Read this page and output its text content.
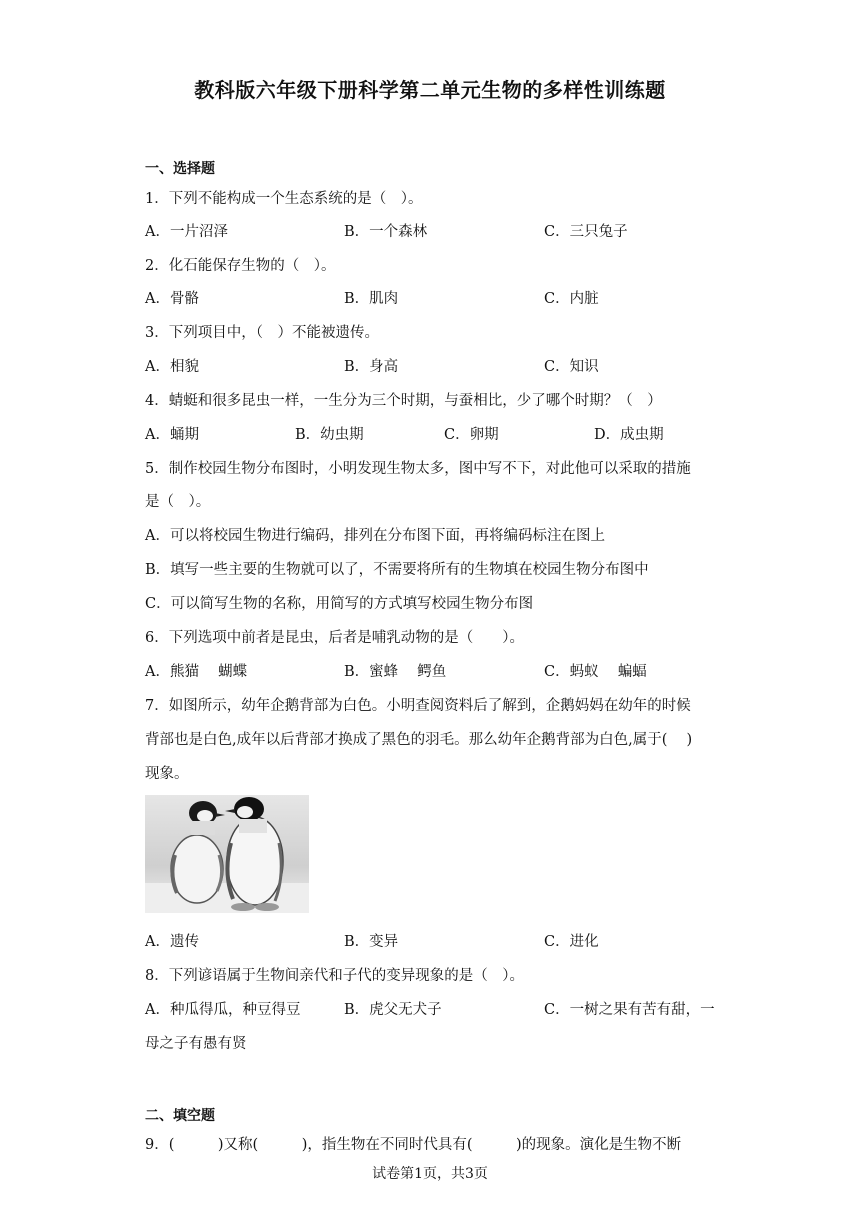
教科版六年级下册科学第二单元生物的多样性训练题
一、选择题
1．下列不能构成一个生态系统的是（　）。
A．一片沼泽	B．一个森林	C．三只兔子
2．化石能保存生物的（　）。
A．骨骼	B．肌肉	C．内脏
3．下列项目中，（　）不能被遗传。
A．相貌	B．身高	C．知识
4．蜻蜓和很多昆虫一样，一生分为三个时期，与蚕相比，少了哪个时期？（　）
A．蛹期	B．幼虫期	C．卵期	D．成虫期
5．制作校园生物分布图时，小明发现生物太多，图中写不下，对此他可以采取的措施
是（　）。
A．可以将校园生物进行编码，排列在分布图下面，再将编码标注在图上
B．填写一些主要的生物就可以了，不需要将所有的生物填在校园生物分布图中
C．可以简写生物的名称，用简写的方式填写校园生物分布图
6．下列选项中前者是昆虫，后者是哺乳动物的是（　　）。
A．熊猫　 蝴蝶	B．蜜蜂　 鳄鱼	C．蚂蚁　 蝙蝠
7．如图所示，幼年企鹅背部为白色。小明查阅资料后了解到，企鹅妈妈在幼年的时候
背部也是白色,成年以后背部才换成了黑色的羽毛。那么幼年企鹅背部为白色,属于(　 )
现象。
A．遗传	B．变异	C．进化
8．下列谚语属于生物间亲代和子代的变异现象的是（　）。
A．种瓜得瓜，种豆得豆	B．虎父无犬子	C．一树之果有苦有甜，一
母之子有愚有贤
二、填空题
9．(　　　)又称(　　　)，指生物在不同时代具有(　　　)的现象。演化是生物不断
试卷第1页，共3页
